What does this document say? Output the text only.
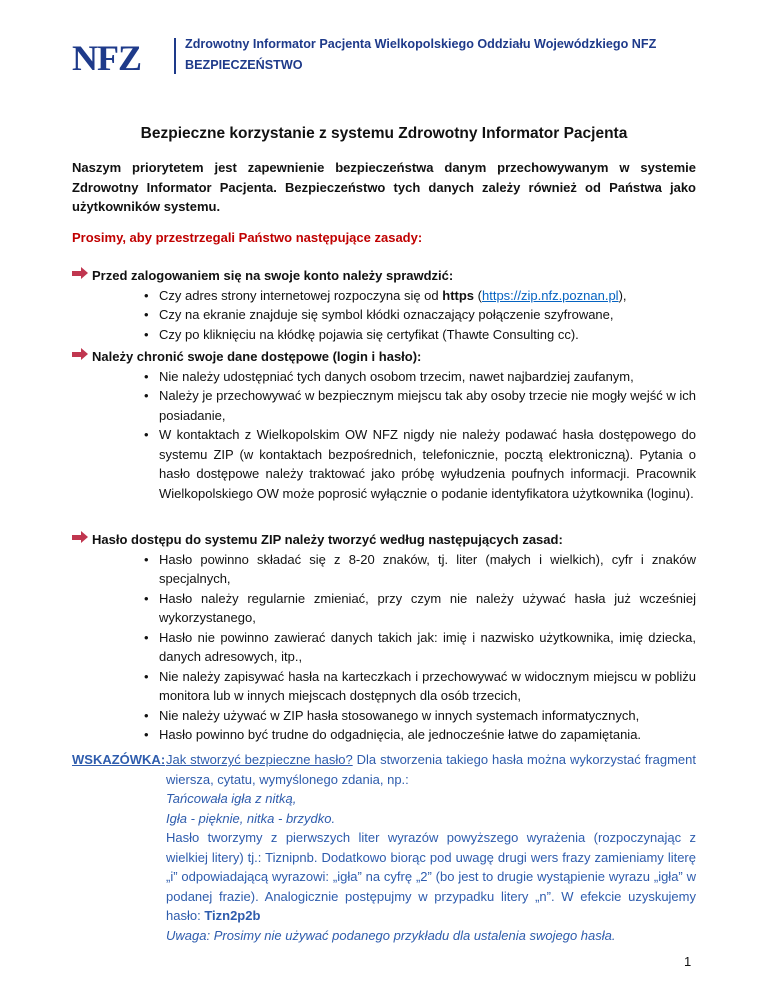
NFZ	Zdrowotny Informator Pacjenta Wielkopolskiego Oddziału Wojewódzkiego NFZ
BEZPIECZEŃSTWO
Bezpieczne korzystanie z systemu Zdrowotny Informator Pacjenta
Naszym priorytetem jest zapewnienie bezpieczeństwa danym przechowywanym w systemie Zdrowotny Informator Pacjenta. Bezpieczeństwo tych danych zależy również od Państwa jako użytkowników systemu.
Prosimy, aby przestrzegali Państwo następujące zasady:
Przed zalogowaniem się na swoje konto należy sprawdzić:
• Czy adres strony internetowej rozpoczyna się od https (https://zip.nfz.poznan.pl),
• Czy na ekranie znajduje się symbol kłódki oznaczający połączenie szyfrowane,
• Czy po kliknięciu na kłódkę pojawia się certyfikat (Thawte Consulting cc).
Należy chronić swoje dane dostępowe (login i hasło):
• Nie należy udostępniać tych danych osobom trzecim, nawet najbardziej zaufanym,
• Należy je przechowywać w bezpiecznym miejscu tak aby osoby trzecie nie mogły wejść w ich posiadanie,
• W kontaktach z Wielkopolskim OW NFZ nigdy nie należy podawać hasła dostępowego do systemu ZIP (w kontaktach bezpośrednich, telefonicznie, pocztą elektroniczną). Pytania o hasło dostępowe należy traktować jako próbę wyłudzenia poufnych informacji. Pracownik Wielkopolskiego OW może poprosić wyłącznie o podanie identyfikatora użytkownika (loginu).
Hasło dostępu do systemu ZIP należy tworzyć według następujących zasad:
• Hasło powinno składać się z 8-20 znaków, tj. liter (małych i wielkich), cyfr i znaków specjalnych,
• Hasło należy regularnie zmieniać, przy czym nie należy używać hasła już wcześniej wykorzystanego,
• Hasło nie powinno zawierać danych takich jak: imię i nazwisko użytkownika, imię dziecka, danych adresowych, itp.,
• Nie należy zapisywać hasła na karteczkach i przechowywać w widocznym miejscu w pobliżu monitora lub w innych miejscach dostępnych dla osób trzecich,
• Nie należy używać w ZIP hasła stosowanego w innych systemach informatycznych,
• Hasło powinno być trudne do odgadnięcia, ale jednocześnie łatwe do zapamiętania.
WSKAZÓWKA: Jak stworzyć bezpieczne hasło? Dla stworzenia takiego hasła można wykorzystać fragment wiersza, cytatu, wymyślonego zdania, np.:
Tańcowała igła z nitką,
Igła - pięknie, nitka - brzydko.
Hasło tworzymy z pierwszych liter wyrazów powyższego wyrażenia (rozpoczynając z wielkiej litery) tj.: Tiznipnb. Dodatkowo biorąc pod uwagę drugi wers frazy zamieniamy literę „i” odpowiadającą wyrazowi: „igła” na cyfrę „2” (bo jest to drugie wystąpienie wyrazu „igła” w podanej frazie). Analogicznie postępujmy w przypadku litery „n”. W efekcie uzyskujemy hasło: Tizn2p2b
Uwaga: Prosimy nie używać podanego przykładu dla ustalenia swojego hasła.
1
